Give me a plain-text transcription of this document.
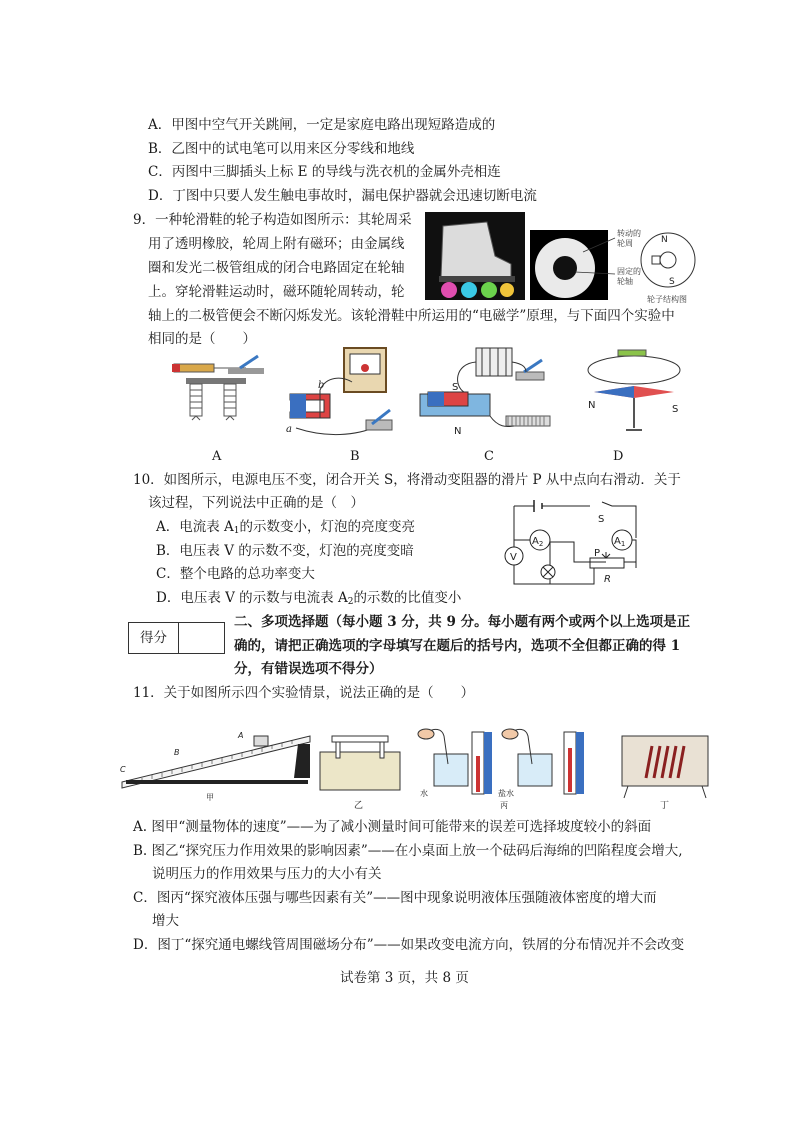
A．甲图中空气开关跳闸，一定是家庭电路出现短路造成的
B．乙图中的试电笔可以用来区分零线和地线
C．丙图中三脚插头上标 E 的导线与洗衣机的金属外壳相连
D．丁图中只要人发生触电事故时，漏电保护器就会迅速切断电流
9．一种轮滑鞋的轮子构造如图所示：其轮周采
用了透明橡胶，轮周上附有磁环；由金属线
圈和发光二极管组成的闭合电路固定在轮轴
上。穿轮滑鞋运动时，磁环随轮周转动，轮
轴上的二极管便会不断闪烁发光。该轮滑鞋中所运用的“电磁学”原理，与下面四个实验中
相同的是（　　）
转动的
轮周
固定的
轮轴
N
S
轮子结构图
b
a
S
N
N	S
A	B	C	D
10．如图所示，电源电压不变，闭合开关 S，将滑动变阻器的滑片 P 从中点向右滑动．关于
该过程，下列说法中正确的是（　）
A．电流表 $A_1$的示数变小，灯泡的亮度变亮
B．电压表 V 的示数不变，灯泡的亮度变暗
C．整个电路的总功率变大
D．电压表 V 的示数与电流表 $A_2$的示数的比值变小
V
$A_2$	$A_1$
S
P
R
得分
二、多项选择题（每小题 3 分，共 9 分。每小题有两个或两个以上选项是正
确的，请把正确选项的字母填写在题后的括号内，选项不全但都正确的得 1
分，有错误选项不得分）
11．关于如图所示四个实验情景，说法正确的是（　　）
A
B
C
甲
乙
水	盐水
丙	丁
A. 图甲“测量物体的速度”——为了减小测量时间可能带来的误差可选择坡度较小的斜面
B. 图乙“探究压力作用效果的影响因素”——在小桌面上放一个砝码后海绵的凹陷程度会增大,
说明压力的作用效果与压力的大小有关
C．图丙“探究液体压强与哪些因素有关”——图中现象说明液体压强随液体密度的增大而
增大
D．图丁“探究通电螺线管周围磁场分布”——如果改变电流方向，铁屑的分布情况并不会改变
试卷第 3 页，共 8 页
